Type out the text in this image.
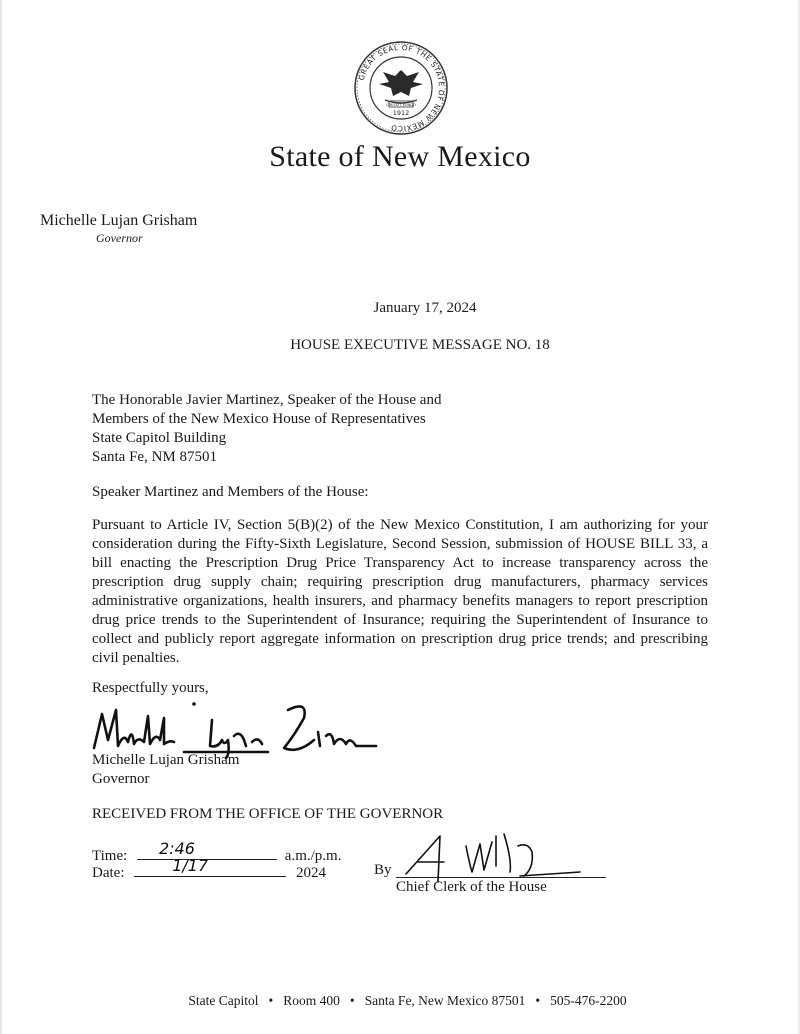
GREAT SEAL OF THE STATE OF NEW MEXICO
CRESCIT EUNDO
1912
State of New Mexico
Michelle Lujan Grisham
Governor
January 17, 2024
HOUSE EXECUTIVE MESSAGE NO. 18
The Honorable Javier Martinez, Speaker of the House and
Members of the New Mexico House of Representatives
State Capitol Building
Santa Fe, NM 87501
Speaker Martinez and Members of the House:
Pursuant to Article IV, Section 5(B)(2) of the New Mexico Constitution, I am authorizing for your consideration during the Fifty-Sixth Legislature, Second Session, submission of HOUSE BILL 33, a bill enacting the Prescription Drug Price Transparency Act to increase transparency across the prescription drug supply chain; requiring prescription drug manufacturers, pharmacy services administrative organizations, health insurers, and pharmacy benefits managers to report prescription drug price trends to the Superintendent of Insurance; requiring the Superintendent of Insurance to collect and publicly report aggregate information on prescription drug price trends; and prescribing civil penalties.
Respectfully yours,
Michelle Lujan Grisham
Governor
RECEIVED FROM THE OFFICE OF THE GOVERNOR
Time: 2:46	a.m./p.m.
Date:	1/17	2024	By
Chief Clerk of the House
State Capitol • Room 400 • Santa Fe, New Mexico 87501 • 505-476-2200
